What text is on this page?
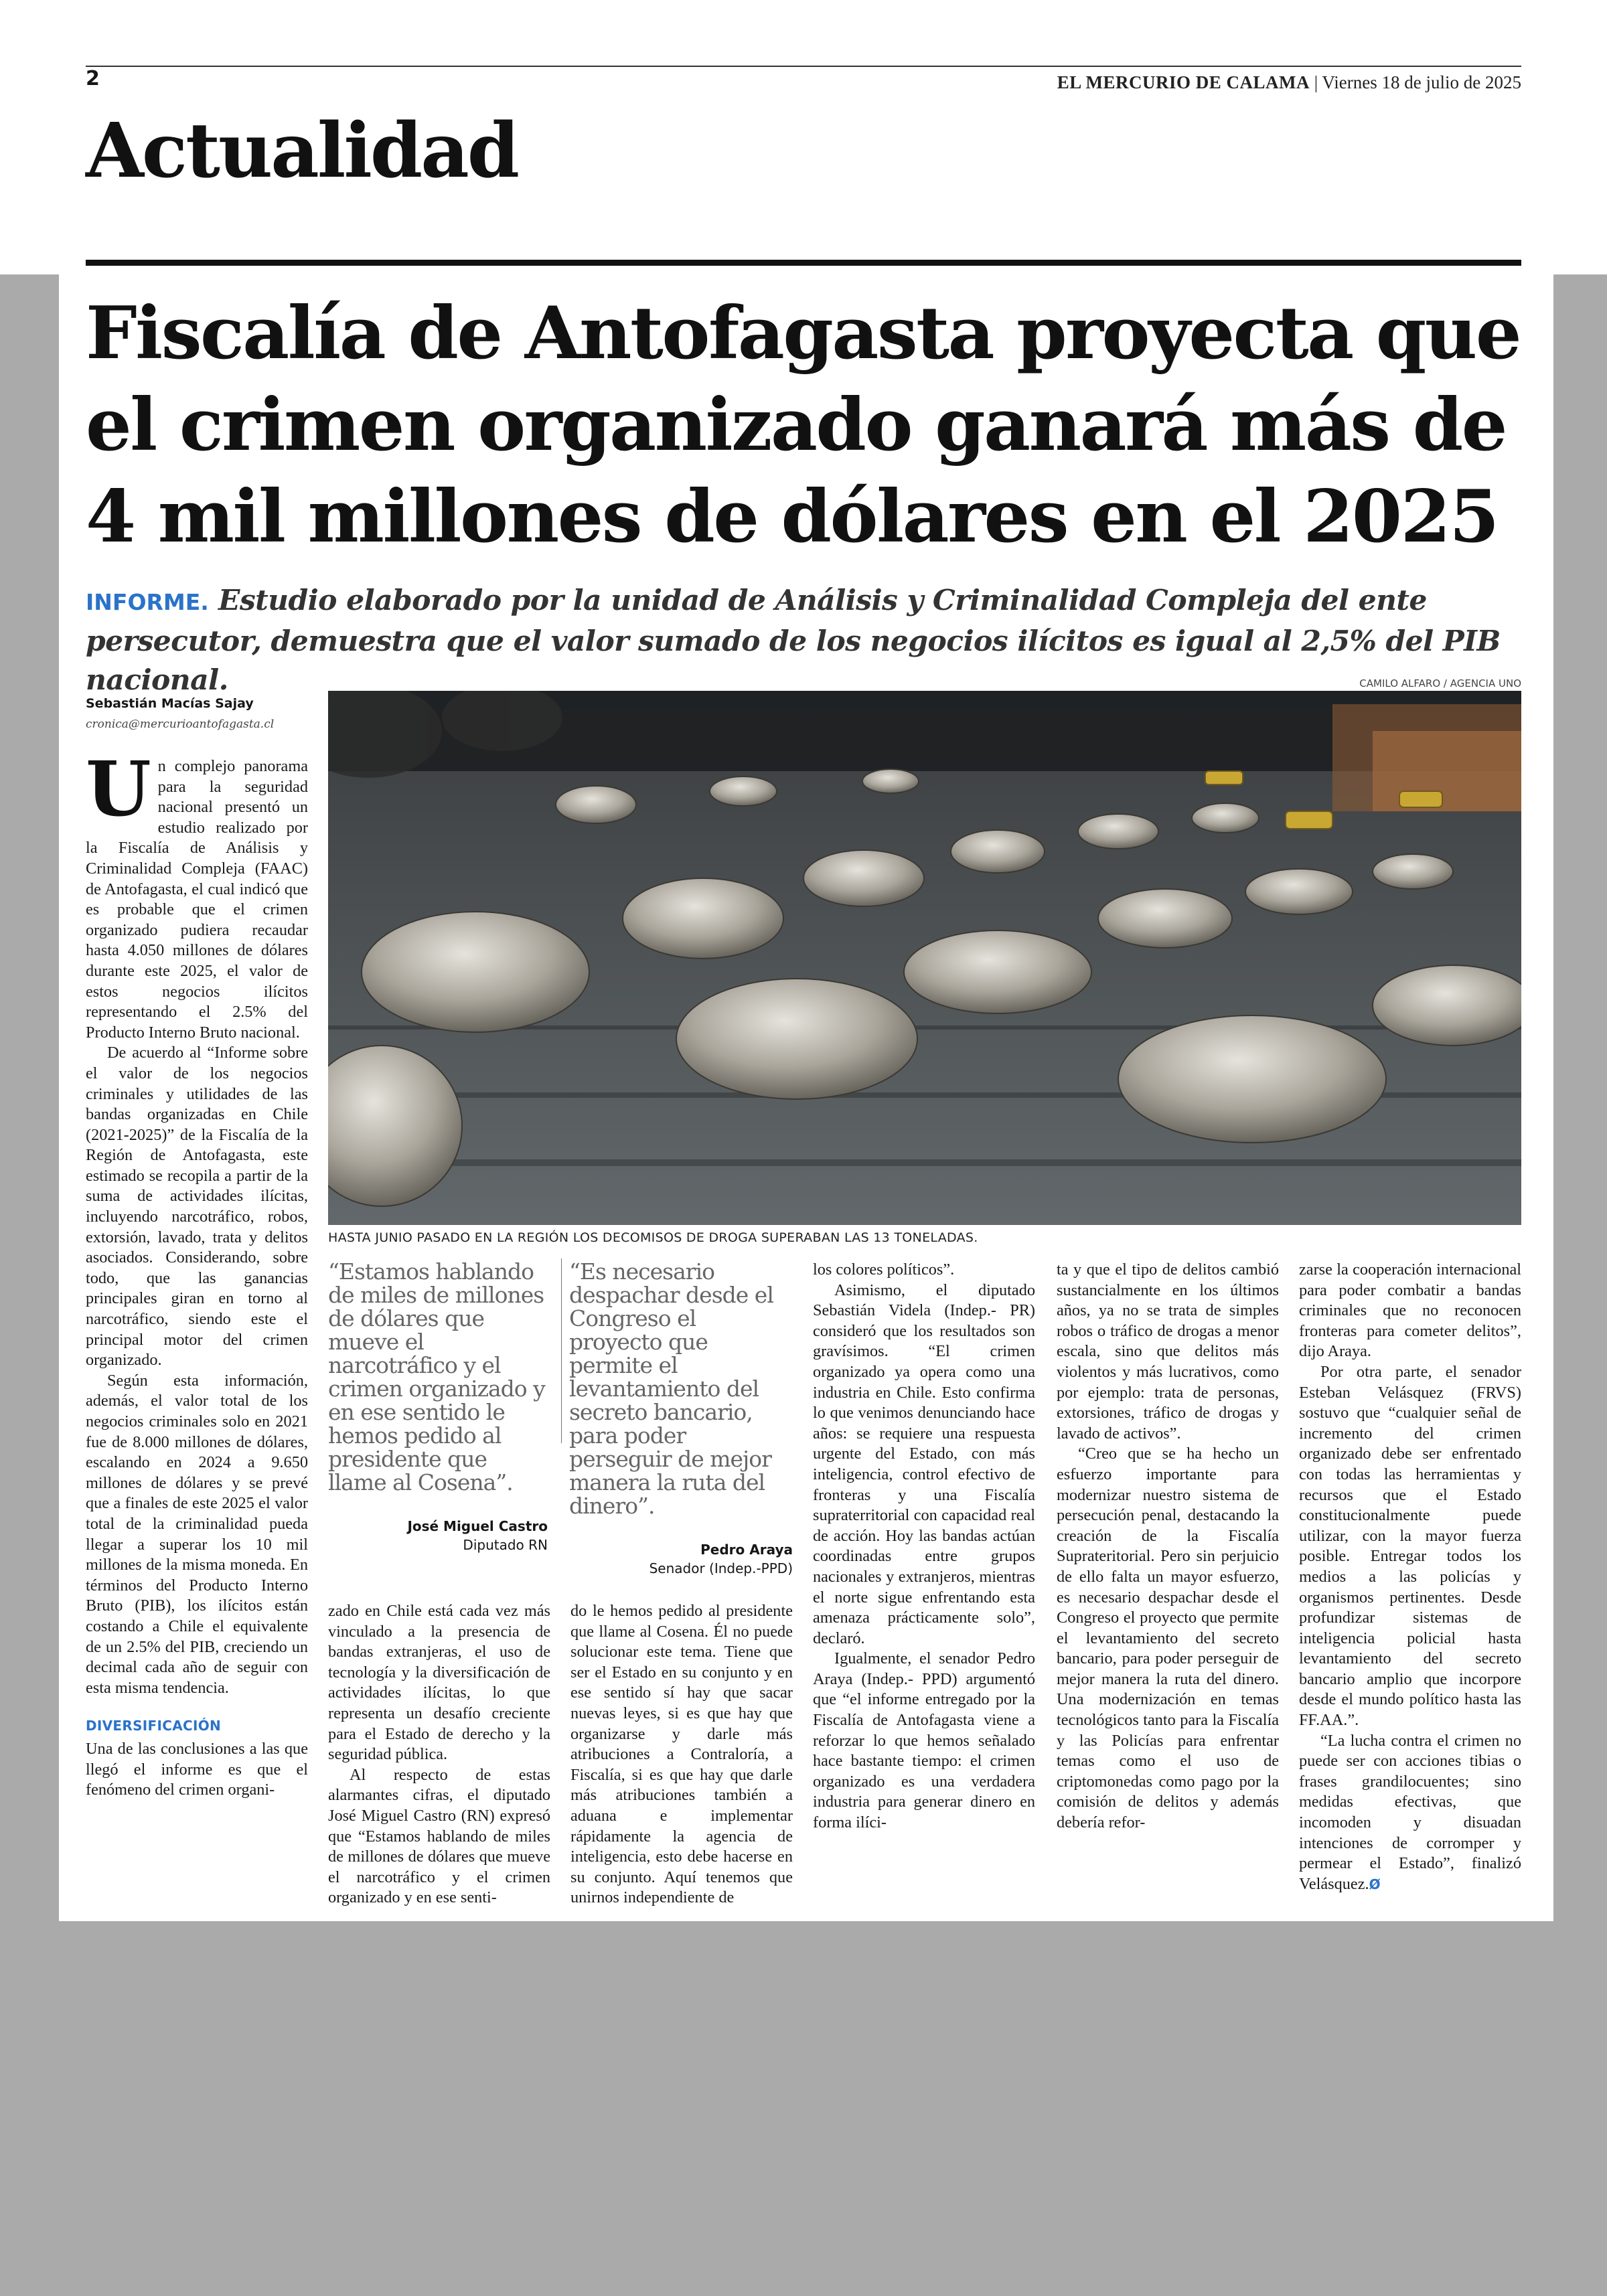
2	EL MERCURIO DE CALAMA | Viernes 18 de julio de 2025
Actualidad
Fiscalía de Antofagasta proyecta que el crimen organizado ganará más de 4 mil millones de dólares en el 2025
INFORME. Estudio elaborado por la unidad de Análisis y Criminalidad Compleja del ente persecutor, demuestra que el valor sumado de los negocios ilícitos es igual al 2,5% del PIB nacional.	CAMILO ALFARO / AGENCIA UNO
HASTA JUNIO PASADO EN LA REGIÓN LOS DECOMISOS DE DROGA SUPERABAN LAS 13 TONELADAS.
Sebastián Macías Sajay
cronica@mercurioantofagasta.cl

Un complejo panorama para la seguridad nacional presentó un estudio realizado por la Fiscalía de Análisis y Criminalidad Compleja (FAAC) de Antofagasta, el cual indicó que es probable que el crimen organizado pudiera recaudar hasta 4.050 millones de dólares durante este 2025, el valor de estos negocios ilícitos representando el 2.5% del Producto Interno Bruto nacional.

De acuerdo al “Informe sobre el valor de los negocios criminales y utilidades de las bandas organizadas en Chile (2021-2025)” de la Fiscalía de la Región de Antofagasta, este estimado se recopila a partir de la suma de actividades ilícitas, incluyendo narcotráfico, robos, extorsión, lavado, trata y delitos asociados. Considerando, sobre todo, que las ganancias principales giran en torno al narcotráfico, siendo este el principal motor del crimen organizado.

Según esta información, además, el valor total de los negocios criminales solo en 2021 fue de 8.000 millones de dólares, escalando en 2024 a 9.650 millones de dólares y se prevé que a finales de este 2025 el valor total de la criminalidad pueda llegar a superar los 10 mil millones de la misma moneda. En términos del Producto Interno Bruto (PIB), los ilícitos están costando a Chile el equivalente de un 2.5% del PIB, creciendo un decimal cada año de seguir con esta misma tendencia.

DIVERSIFICACIÓN

Una de las conclusiones a las que llegó el informe es que el fenómeno del crimen organi-

“Estamos hablando de miles de millones de dólares que mueve el narcotráfico y el crimen organizado y en ese sentido le hemos pedido al presidente que llame al Cosena”.

José Miguel Castro
Diputado RN

“Es necesario despachar desde el Congreso el proyecto que permite el levantamiento del secreto bancario, para poder perseguir de mejor manera la ruta del dinero”.

Pedro Araya
Senador (Indep.-PPD)

zado en Chile está cada vez más vinculado a la presencia de bandas extranjeras, el uso de tecnología y la diversificación de actividades ilícitas, lo que representa un desafío creciente para el Estado de derecho y la seguridad pública.

Al respecto de estas alarmantes cifras, el diputado José Miguel Castro (RN) expresó que “Estamos hablando de miles de millones de dólares que mueve el narcotráfico y el crimen organizado y en ese senti-

do le hemos pedido al presidente que llame al Cosena. Él no puede solucionar este tema. Tiene que ser el Estado en su conjunto y en ese sentido sí hay que sacar nuevas leyes, si es que hay que organizarse y darle más atribuciones a Contraloría, a Fiscalía, si es que hay que darle más atribuciones también a aduana e implementar rápidamente la agencia de inteligencia, esto debe hacerse en su conjunto. Aquí tenemos que unirnos independiente de

los colores políticos”.

Asimismo, el diputado Sebastián Videla (Indep.- PR) consideró que los resultados son gravísimos. “El crimen organizado ya opera como una industria en Chile. Esto confirma lo que venimos denunciando hace años: se requiere una respuesta urgente del Estado, con más inteligencia, control efectivo de fronteras y una Fiscalía supraterritorial con capacidad real de acción. Hoy las bandas actúan coordinadas entre grupos nacionales y extranjeros, mientras el norte sigue enfrentando esta amenaza prácticamente solo”, declaró.

Igualmente, el senador Pedro Araya (Indep.- PPD) argumentó que “el informe entregado por la Fiscalía de Antofagasta viene a reforzar lo que hemos señalado hace bastante tiempo: el crimen organizado es una verdadera industria para generar dinero en forma ilíci-

ta y que el tipo de delitos cambió sustancialmente en los últimos años, ya no se trata de simples robos o tráfico de drogas a menor escala, sino que delitos más violentos y más lucrativos, como por ejemplo: trata de personas, extorsiones, tráfico de drogas y lavado de activos”.

“Creo que se ha hecho un esfuerzo importante para modernizar nuestro sistema de persecución penal, destacando la creación de la Fiscalía Suprateritorial. Pero sin perjuicio de ello falta un mayor esfuerzo, es necesario despachar desde el Congreso el proyecto que permite el levantamiento del secreto bancario, para poder perseguir de mejor manera la ruta del dinero. Una modernización en temas tecnológicos tanto para la Fiscalía y las Policías para enfrentar temas como el uso de criptomonedas como pago por la comisión de delitos y además debería refor-

zarse la cooperación internacional para poder combatir a bandas criminales que no reconocen fronteras para cometer delitos”, dijo Araya.

Por otra parte, el senador Esteban Velásquez (FRVS) sostuvo que “cualquier señal de incremento del crimen organizado debe ser enfrentado con todas las herramientas y recursos que el Estado constitucionalmente puede utilizar, con la mayor fuerza posible. Entregar todos los medios a las policías y organismos pertinentes. Desde profundizar sistemas de inteligencia policial hasta levantamiento del secreto bancario amplio que incorpore desde el mundo político hasta las FF.AA.”.

“La lucha contra el crimen no puede ser con acciones tibias o frases grandilocuentes; sino medidas efectivas, que incomoden y disuadan intenciones de corromper y permear el Estado”, finalizó Velásquez.Ø
